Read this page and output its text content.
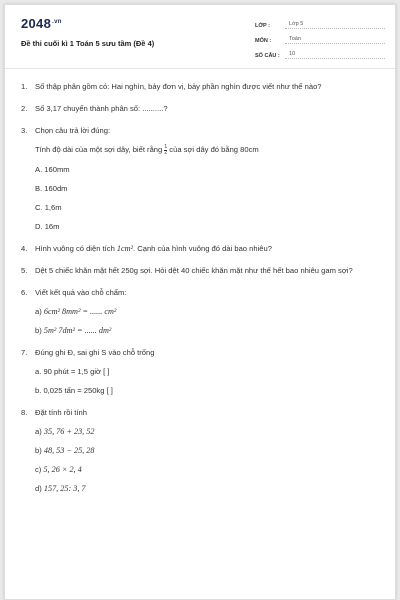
$2048^{.vn}$
Đề thi cuối kì 1 Toán 5 sưu tầm (Đề 4)
LỚP :	Lớp 5
MÔN :	Toán
SỐ CÂU :	10
1.	Số thập phân gồm có: Hai nghìn, bảy đơn vị, bảy phần nghìn được viết như thế nào?
2.	Số 3,17 chuyển thành phân số: ..........?
3.	Chọn câu trả lời đúng:
Tính độ dài của một sợi dây, biết rằng $\frac{1}{2}$ của sợi dây đó bằng 80cm
A. 160mm
B. 160dm
C. 1,6m
D. 16m
4.	Hình vuông có diện tích 1cm². Cạnh của hình vuông đó dài bao nhiêu?
5.	Dệt 5 chiếc khăn mặt hết 250g sợi. Hỏi dệt 40 chiếc khăn mặt như thế hết bao nhiêu gam sợi?
6.	Viết kết quả vào chỗ chấm:
a) 6cm² 8mm² = ...... cm²
b) 5m² 7dm² = ...... dm²
7.	Đúng ghi Đ, sai ghi S vào chỗ trống
a. 90 phút = 1,5 giờ [ ]
b. 0,025 tấn = 250kg [ ]
8.	Đặt tính rồi tính
a) 35, 76 + 23, 52
b) 48, 53 − 25, 28
c) 5, 26 × 2, 4
d) 157, 25: 3, 7
